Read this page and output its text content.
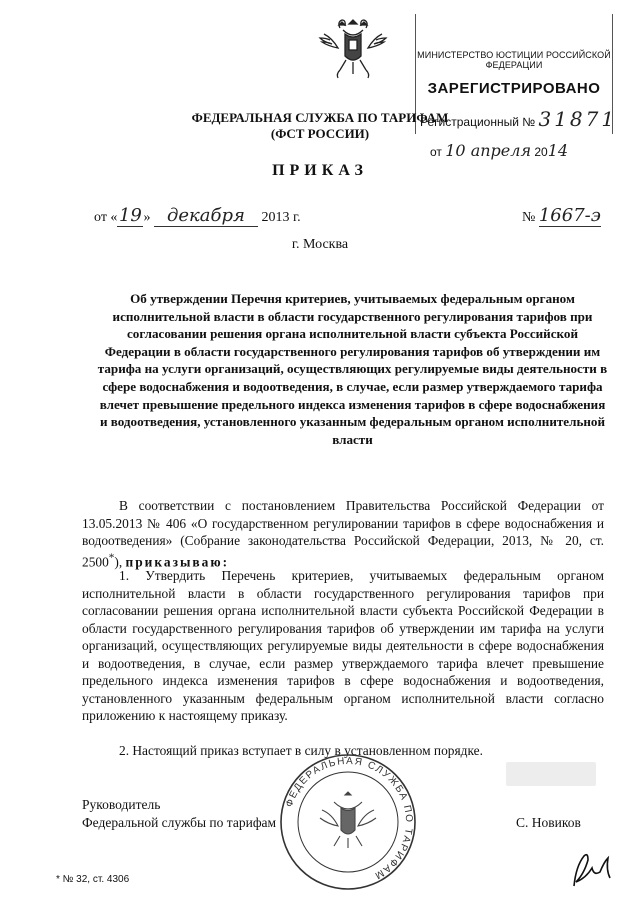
МИНИСТЕРСТВО ЮСТИЦИИ РОССИЙСКОЙ ФЕДЕРАЦИИ
ЗАРЕГИСТРИРОВАНО
Регистрационный № 31871
от 10 апреля 2014
ФЕДЕРАЛЬНАЯ СЛУЖБА ПО ТАРИФАМ
(ФСТ РОССИИ)
ПРИКАЗ
от «19 » декабря 2013 г.	№ 1667-э
г. Москва
Об утверждении Перечня критериев, учитываемых федеральным органом исполнительной власти в области государственного регулирования тарифов при согласовании решения органа исполнительной власти субъекта Российской Федерации в области государственного регулирования тарифов об утверждении им тарифа на услуги организаций, осуществляющих регулируемые виды деятельности в сфере водоснабжения и водоотведения, в случае, если размер утверждаемого тарифа влечет превышение предельного индекса изменения тарифов в сфере водоснабжения и водоотведения, установленного указанным федеральным органом исполнительной власти
В соответствии с постановлением Правительства Российской Федерации от 13.05.2013 № 406 «О государственном регулировании тарифов в сфере водоснабжения и водоотведения» (Собрание законодательства Российской Федерации, 2013, № 20, ст. 2500*), приказываю:
1. Утвердить Перечень критериев, учитываемых федеральным органом исполнительной власти в области государственного регулирования тарифов при согласовании решения органа исполнительной власти субъекта Российской Федерации в области государственного регулирования тарифов об утверждении им тарифа на услуги организаций, осуществляющих регулируемые виды деятельности в сфере водоснабжения и водоотведения, в случае, если размер утверждаемого тарифа влечет превышение предельного индекса изменения тарифов в сфере водоснабжения и водоотведения, установленного указанным федеральным органом исполнительной власти согласно приложению к настоящему приказу.
2. Настоящий приказ вступает в силу в установленном порядке.
ФЕДЕРАЛЬНАЯ СЛУЖБА ПО ТАРИФАМ
Руководитель
Федеральной службы по тарифам	С. Новиков
* № 32, ст. 4306
